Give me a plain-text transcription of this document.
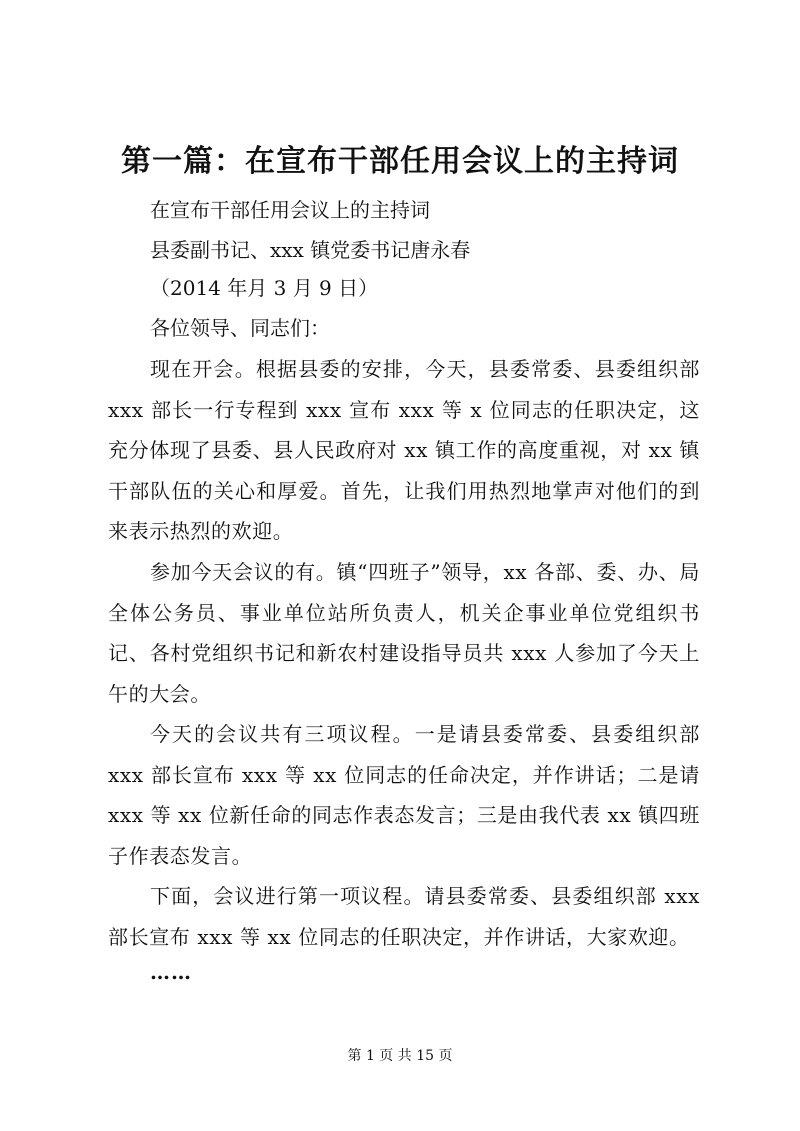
第一篇：在宣布干部任用会议上的主持词
在宣布干部任用会议上的主持词
县委副书记、xxx 镇党委书记唐永春
（2014 年月 3 月 9 日）
各位领导、同志们：
现在开会。根据县委的安排，今天，县委常委、县委组织部 xxx 部长一行专程到 xxx 宣布 xxx 等 x 位同志的任职决定，这充分体现了县委、县人民政府对 xx 镇工作的高度重视，对 xx 镇干部队伍的关心和厚爱。首先，让我们用热烈地掌声对他们的到来表示热烈的欢迎。
参加今天会议的有。镇“四班子”领导，xx 各部、委、办、局全体公务员、事业单位站所负责人，机关企事业单位党组织书记、各村党组织书记和新农村建设指导员共 xxx 人参加了今天上午的大会。
今天的会议共有三项议程。一是请县委常委、县委组织部 xxx 部长宣布 xxx 等 xx 位同志的任命决定，并作讲话；二是请 xxx 等 xx 位新任命的同志作表态发言；三是由我代表 xx 镇四班子作表态发言。
下面，会议进行第一项议程。请县委常委、县委组织部 xxx 部长宣布 xxx 等 xx 位同志的任职决定，并作讲话，大家欢迎。
……
第 1 页 共 15 页
